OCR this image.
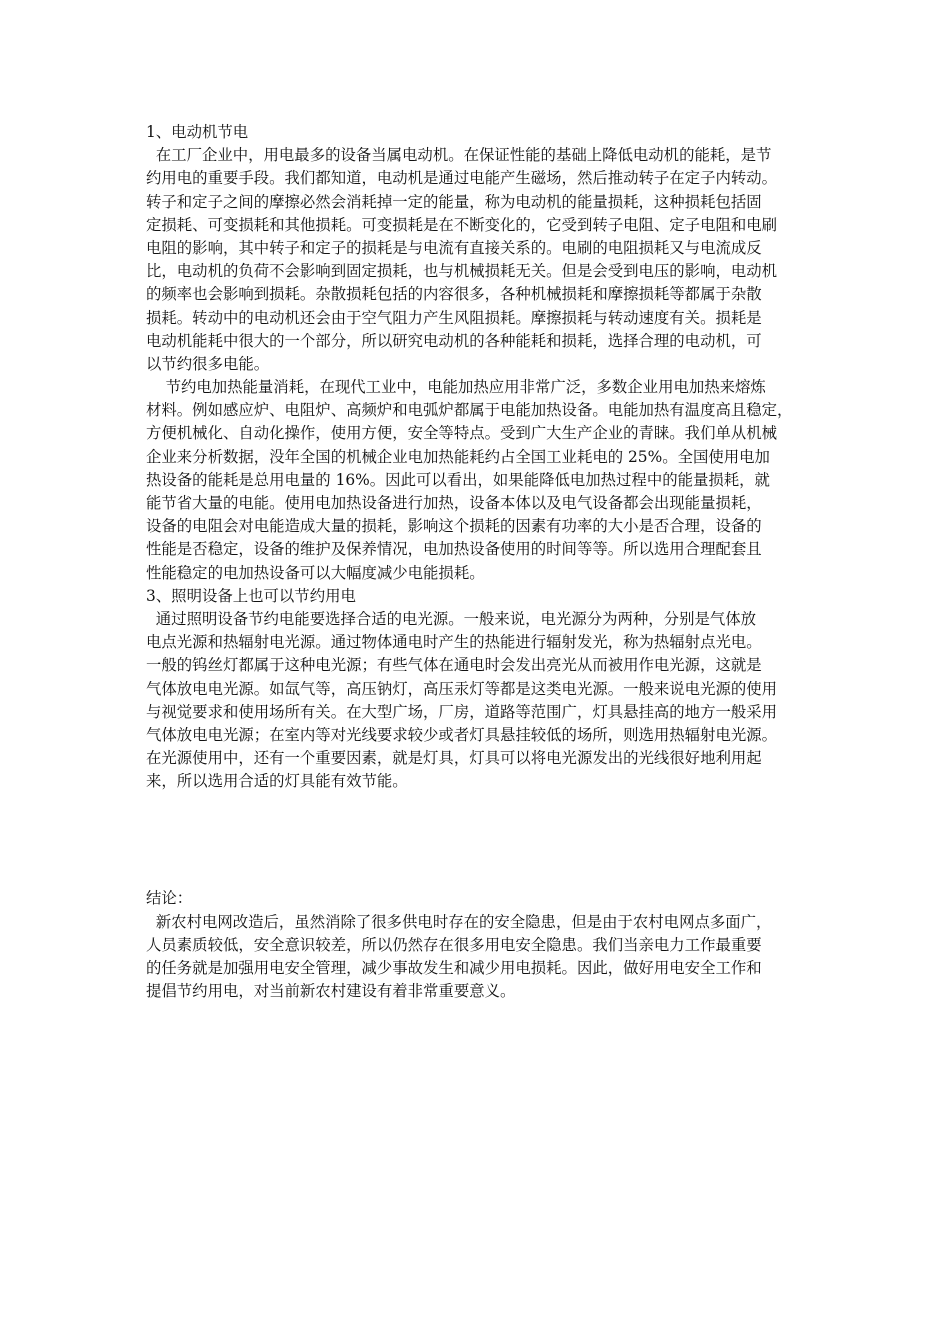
1、电动机节电
在工厂企业中，用电最多的设备当属电动机。在保证性能的基础上降低电动机的能耗，是节
约用电的重要手段。我们都知道，电动机是通过电能产生磁场，然后推动转子在定子内转动。
转子和定子之间的摩擦必然会消耗掉一定的能量，称为电动机的能量损耗，这种损耗包括固
定损耗、可变损耗和其他损耗。可变损耗是在不断变化的，它受到转子电阻、定子电阻和电刷
电阻的影响，其中转子和定子的损耗是与电流有直接关系的。电刷的电阻损耗又与电流成反
比，电动机的负荷不会影响到固定损耗，也与机械损耗无关。但是会受到电压的影响，电动机
的频率也会影响到损耗。杂散损耗包括的内容很多，各种机械损耗和摩擦损耗等都属于杂散
损耗。转动中的电动机还会由于空气阻力产生风阻损耗。摩擦损耗与转动速度有关。损耗是
电动机能耗中很大的一个部分，所以研究电动机的各种能耗和损耗，选择合理的电动机，可
以节约很多电能。
节约电加热能量消耗，在现代工业中，电能加热应用非常广泛，多数企业用电加热来熔炼
材料。例如感应炉、电阻炉、高频炉和电弧炉都属于电能加热设备。电能加热有温度高且稳定，
方便机械化、自动化操作，使用方便，安全等特点。受到广大生产企业的青睐。我们单从机械
企业来分析数据，没年全国的机械企业电加热能耗约占全国工业耗电的 25%。全国使用电加
热设备的能耗是总用电量的 16%。因此可以看出，如果能降低电加热过程中的能量损耗，就
能节省大量的电能。使用电加热设备进行加热，设备本体以及电气设备都会出现能量损耗，
设备的电阻会对电能造成大量的损耗，影响这个损耗的因素有功率的大小是否合理，设备的
性能是否稳定，设备的维护及保养情况，电加热设备使用的时间等等。所以选用合理配套且
性能稳定的电加热设备可以大幅度减少电能损耗。
3、照明设备上也可以节约用电
通过照明设备节约电能要选择合适的电光源。一般来说，电光源分为两种，分别是气体放
电点光源和热辐射电光源。通过物体通电时产生的热能进行辐射发光，称为热辐射点光电。
一般的钨丝灯都属于这种电光源；有些气体在通电时会发出亮光从而被用作电光源，这就是
气体放电电光源。如氙气等，高压钠灯，高压汞灯等都是这类电光源。一般来说电光源的使用
与视觉要求和使用场所有关。在大型广场，厂房，道路等范围广，灯具悬挂高的地方一般采用
气体放电电光源；在室内等对光线要求较少或者灯具悬挂较低的场所，则选用热辐射电光源。
在光源使用中，还有一个重要因素，就是灯具，灯具可以将电光源发出的光线很好地利用起
来，所以选用合适的灯具能有效节能。
结论：
新农村电网改造后，虽然消除了很多供电时存在的安全隐患，但是由于农村电网点多面广，
人员素质较低，安全意识较差，所以仍然存在很多用电安全隐患。我们当亲电力工作最重要
的任务就是加强用电安全管理，减少事故发生和减少用电损耗。因此，做好用电安全工作和
提倡节约用电，对当前新农村建设有着非常重要意义。
